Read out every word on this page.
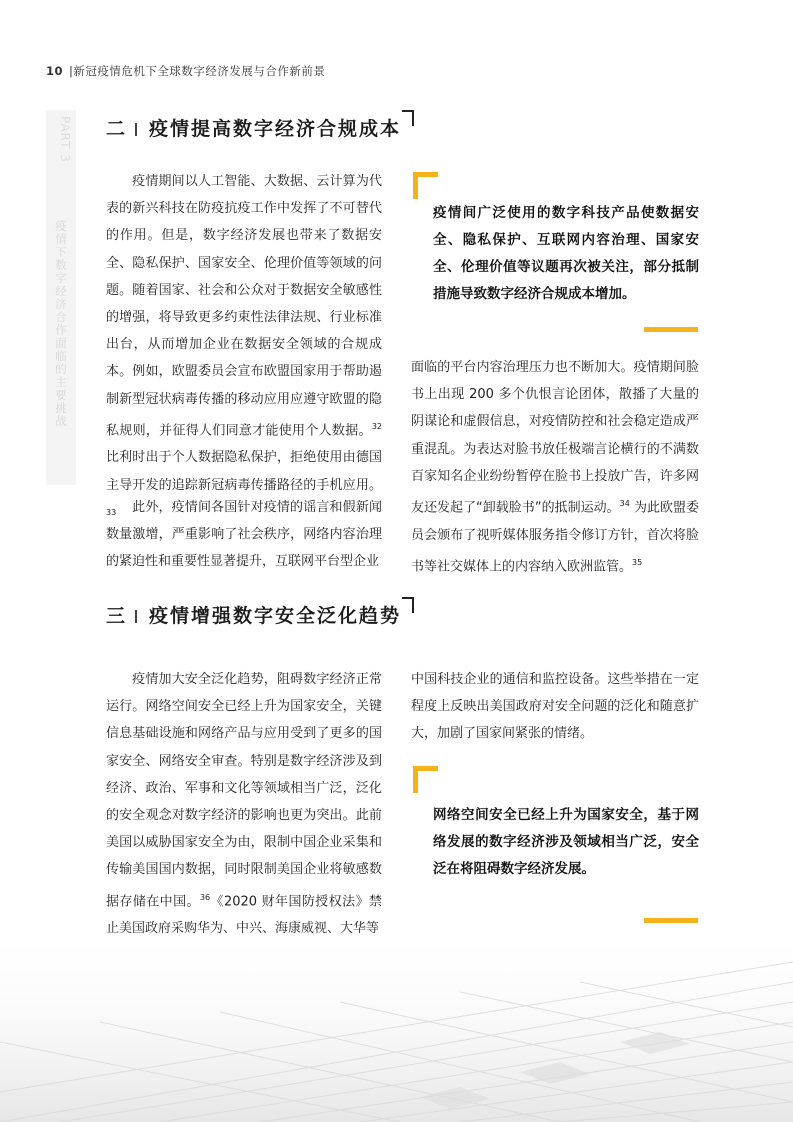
10 |新冠疫情危机下全球数字经济发展与合作新前景
PART 3
疫情下数字经济合作面临的主要挑战
二 疫情提高数字经济合规成本

疫情期间以人工智能、大数据、云计算为代表的新兴科技在防疫抗疫工作中发挥了不可替代的作用。但是，数字经济发展也带来了数据安全、隐私保护、国家安全、伦理价值等领域的问题。随着国家、社会和公众对于数据安全敏感性的增强，将导致更多约束性法律法规、行业标准出台，从而增加企业在数据安全领域的合规成本。例如，欧盟委员会宣布欧盟国家用于帮助遏制新型冠状病毒传播的移动应用应遵守欧盟的隐私规则，并征得人们同意才能使用个人数据。$^{32}$ 比利时出于个人数据隐私保护，拒绝使用由德国主导开发的追踪新冠病毒传播路径的手机应用。$^{33}$	此外，疫情间各国针对疫情的谣言和假新闻数量激增，严重影响了社会秩序，网络内容治理的紧迫性和重要性显著提升，互联网平台型企业

疫情间广泛使用的数字科技产品使数据安全、隐私保护、互联网内容治理、国家安全、伦理价值等议题再次被关注，部分抵制措施导致数字经济合规成本增加。

面临的平台内容治理压力也不断加大。疫情期间脸书上出现 200 多个仇恨言论团体，散播了大量的阴谋论和虚假信息，对疫情防控和社会稳定造成严重混乱。为表达对脸书放任极端言论横行的不满数百家知名企业纷纷暂停在脸书上投放广告，许多网友还发起了“卸载脸书”的抵制运动。$^{34}$ 为此欧盟委员会颁布了视听媒体服务指令修订方针，首次将脸书等社交媒体上的内容纳入欧洲监管。$^{35}$

三 疫情增强数字安全泛化趋势

疫情加大安全泛化趋势，阻碍数字经济正常运行。网络空间安全已经上升为国家安全，关键信息基础设施和网络产品与应用受到了更多的国家安全、网络安全审查。特别是数字经济涉及到经济、政治、军事和文化等领域相当广泛，泛化的安全观念对数字经济的影响也更为突出。此前美国以威胁国家安全为由，限制中国企业采集和传输美国国内数据，同时限制美国企业将敏感数据存储在中国。$^{36}$《2020 财年国防授权法》禁

中国科技企业的通信和监控设备。这些举措在一定程度上反映出美国政府对安全问题的泛化和随意扩大，加剧了国家间紧张的情绪。

网络空间安全已经上升为国家安全，基于网络发展的数字经济涉及领域相当广泛，安全泛在将阻碍数字经济发展。
